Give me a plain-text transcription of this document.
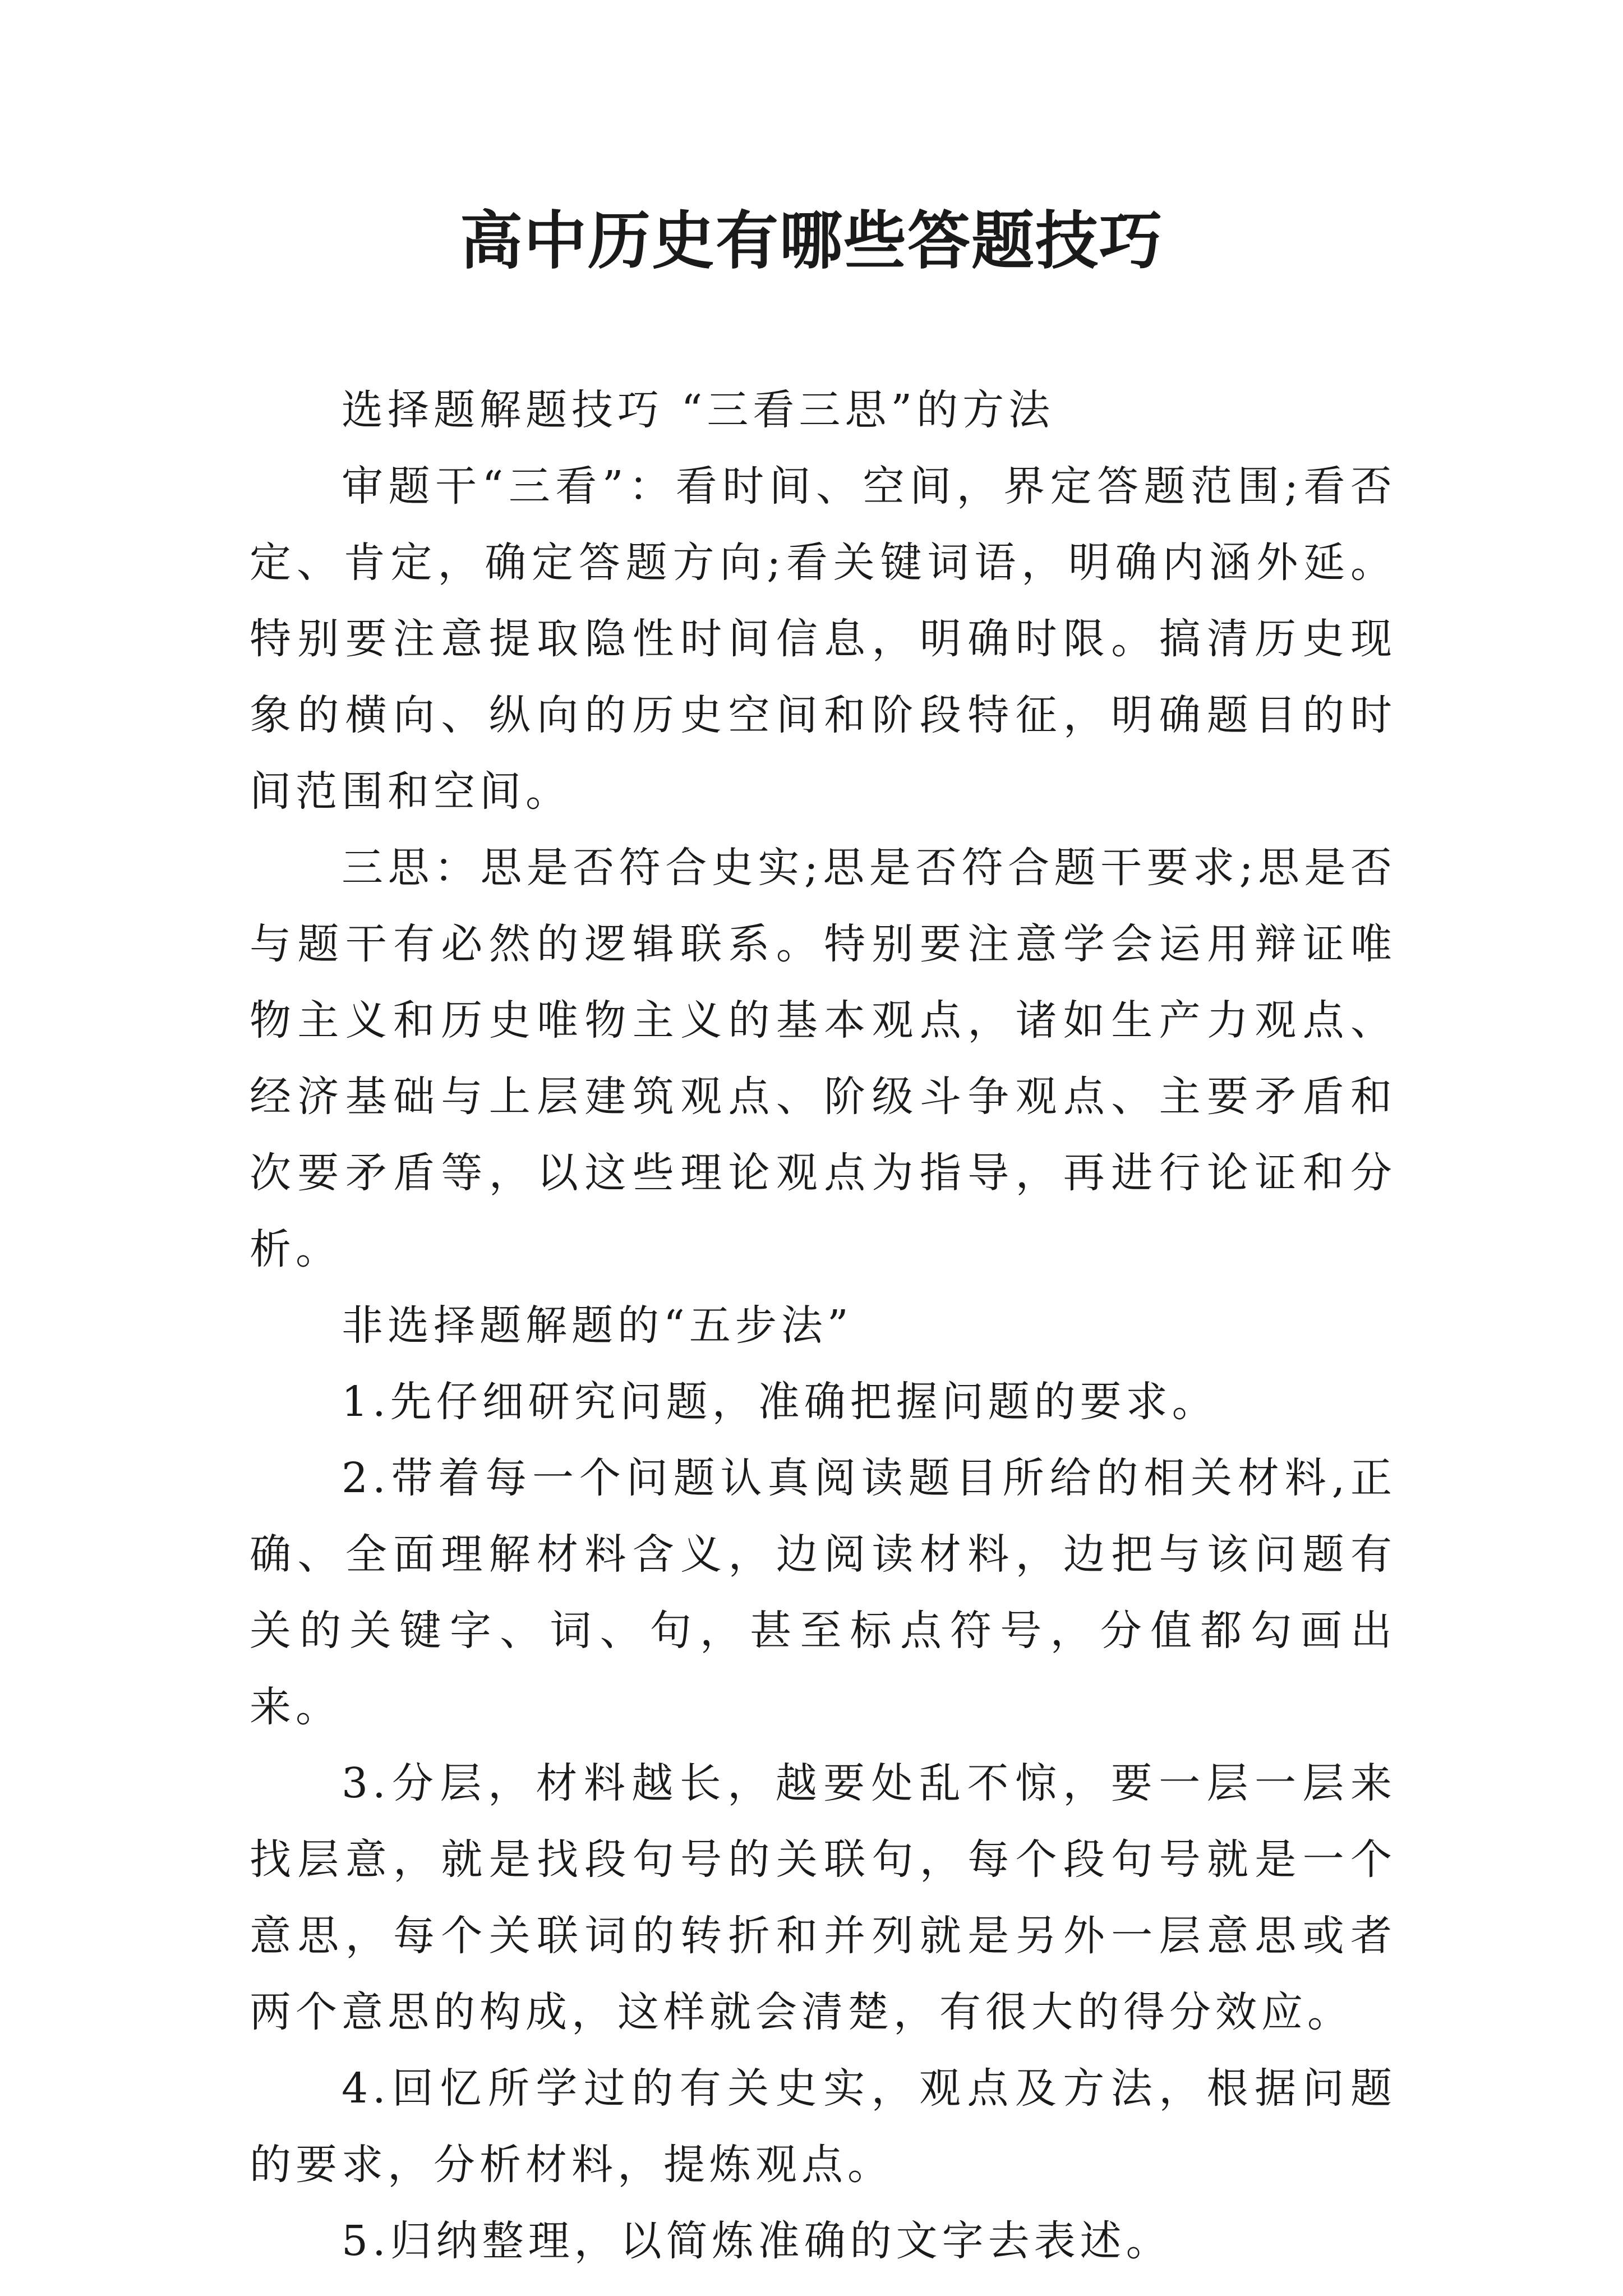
高中历史有哪些答题技巧

选择题解题技巧 “三看三思”的方法

审题干“三看”：看时间、空间，界定答题范围;看否定、肯定，确定答题方向;看关键词语，明确内涵外延。特别要注意提取隐性时间信息，明确时限。搞清历史现象的横向、纵向的历史空间和阶段特征，明确题目的时间范围和空间。

三思：思是否符合史实;思是否符合题干要求;思是否与题干有必然的逻辑联系。特别要注意学会运用辩证唯物主义和历史唯物主义的基本观点，诸如生产力观点、经济基础与上层建筑观点、阶级斗争观点、主要矛盾和次要矛盾等，以这些理论观点为指导，再进行论证和分析。

非选择题解题的“五步法”

1.先仔细研究问题，准确把握问题的要求。

2.带着每一个问题认真阅读题目所给的相关材料,正确、全面理解材料含义，边阅读材料，边把与该问题有关的关键字、词、句，甚至标点符号，分值都勾画出来。

3.分层，材料越长，越要处乱不惊，要一层一层来找层意，就是找段句号的关联句，每个段句号就是一个意思，每个关联词的转折和并列就是另外一层意思或者两个意思的构成，这样就会清楚，有很大的得分效应。

4.回忆所学过的有关史实，观点及方法，根据问题的要求，分析材料，提炼观点。

5.归纳整理，以简炼准确的文字去表述。
